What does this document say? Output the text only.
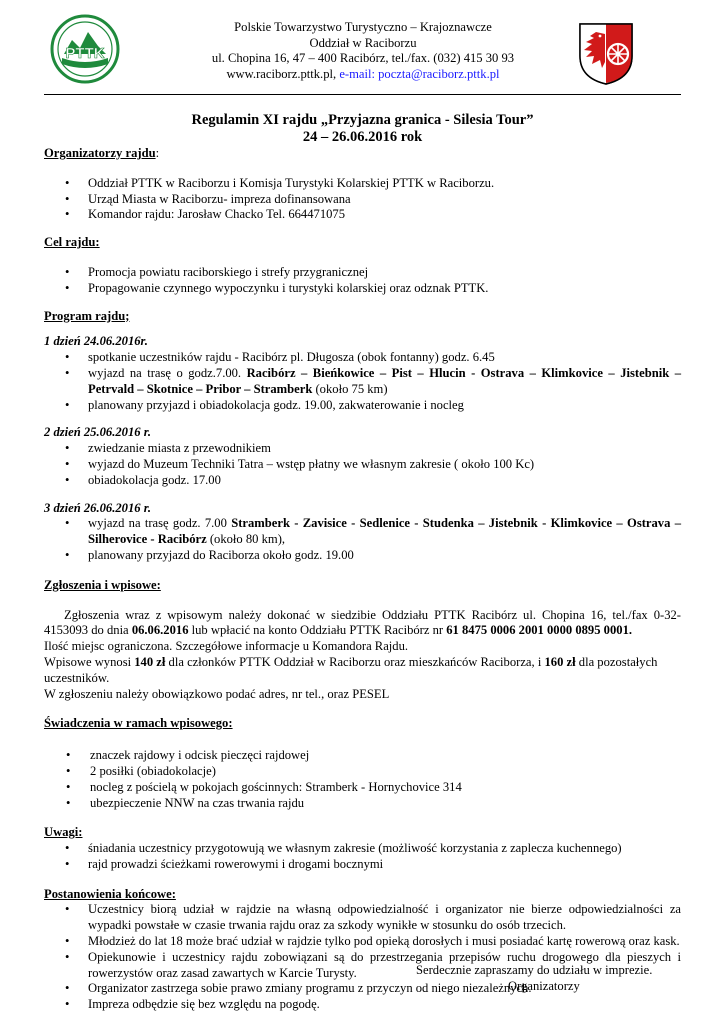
PTTK
Polskie Towarzystwo Turystyczno – Krajoznawcze
Oddział w Raciborzu
ul. Chopina 16, 47 – 400 Racibórz, tel./fax. (032) 415 30 93
www.raciborz.pttk.pl, e-mail: poczta@raciborz.pttk.pl
Regulamin XI rajdu „Przyjazna granica - Silesia Tour”
24 – 26.06.2016 rok
Organizatorzy rajdu:
• Oddział PTTK w Raciborzu i Komisja Turystyki Kolarskiej PTTK w Raciborzu.
• Urząd Miasta w Raciborzu- impreza dofinansowana
• Komandor rajdu: Jarosław Chacko Tel. 664471075
Cel rajdu:
• Promocja powiatu raciborskiego i strefy przygranicznej
• Propagowanie czynnego wypoczynku i turystyki kolarskiej oraz odznak PTTK.
Program rajdu;
1 dzień 24.06.2016r.
• spotkanie uczestników rajdu - Racibórz pl. Długosza (obok fontanny) godz. 6.45
• wyjazd na trasę o godz.7.00. Racibórz – Bieńkowice – Pist – Hlucin - Ostrava – Klimkovice – Jistebnik –Petrvald – Skotnice – Pribor – Stramberk (około 75 km)
• planowany przyjazd i obiadokolacja godz. 19.00, zakwaterowanie i nocleg
2 dzień 25.06.2016 r.
• zwiedzanie miasta z przewodnikiem
• wyjazd do Muzeum Techniki Tatra – wstęp płatny we własnym zakresie ( około 100 Kc)
• obiadokolacja godz. 17.00
3 dzień 26.06.2016 r.
• wyjazd na trasę godz. 7.00 Stramberk - Zavisice - Sedlenice - Studenka – Jistebnik - Klimkovice – Ostrava – Silherovice - Racibórz (około 80 km),
• planowany przyjazd do Raciborza około godz. 19.00
Zgłoszenia i wpisowe:
Zgłoszenia wraz z wpisowym należy dokonać w siedzibie Oddziału PTTK Racibórz ul. Chopina 16, tel./fax 0-32-4153093 do dnia 06.06.2016 lub wpłacić na konto Oddziału PTTK Racibórz nr 61 8475 0006 2001 0000 0895 0001.
Ilość miejsc ograniczona. Szczegółowe informacje u Komandora Rajdu.
Wpisowe wynosi 140 zł dla członków PTTK Oddział w Raciborzu oraz mieszkańców Raciborza, i 160 zł dla pozostałych uczestników.
W zgłoszeniu należy obowiązkowo podać adres, nr tel., oraz PESEL
Świadczenia w ramach wpisowego:
• znaczek rajdowy i odcisk pieczęci rajdowej
• 2 posiłki (obiadokolacje)
• nocleg z pościelą w pokojach gościnnych: Stramberk - Hornychovice 314
• ubezpieczenie NNW na czas trwania rajdu
Uwagi:
• śniadania uczestnicy przygotowują we własnym zakresie (możliwość korzystania z zaplecza kuchennego)
• rajd prowadzi ścieżkami rowerowymi i drogami bocznymi
Postanowienia końcowe:
• Uczestnicy biorą udział w rajdzie na własną odpowiedzialność i organizator nie bierze odpowiedzialności za wypadki powstałe w czasie trwania rajdu oraz za szkody wynikłe w stosunku do osób trzecich.
• Młodzież do lat 18 może brać udział w rajdzie tylko pod opieką dorosłych i musi posiadać kartę rowerową oraz kask.
• Opiekunowie i uczestnicy rajdu zobowiązani są do przestrzegania przepisów ruchu drogowego dla pieszych i rowerzystów oraz zasad zawartych w Karcie Turysty.
• Organizator zastrzega sobie prawo zmiany programu z przyczyn od niego niezależnych.
• Impreza odbędzie się bez względu na pogodę.
Serdecznie zapraszamy do udziału w imprezie.
Organizatorzy
